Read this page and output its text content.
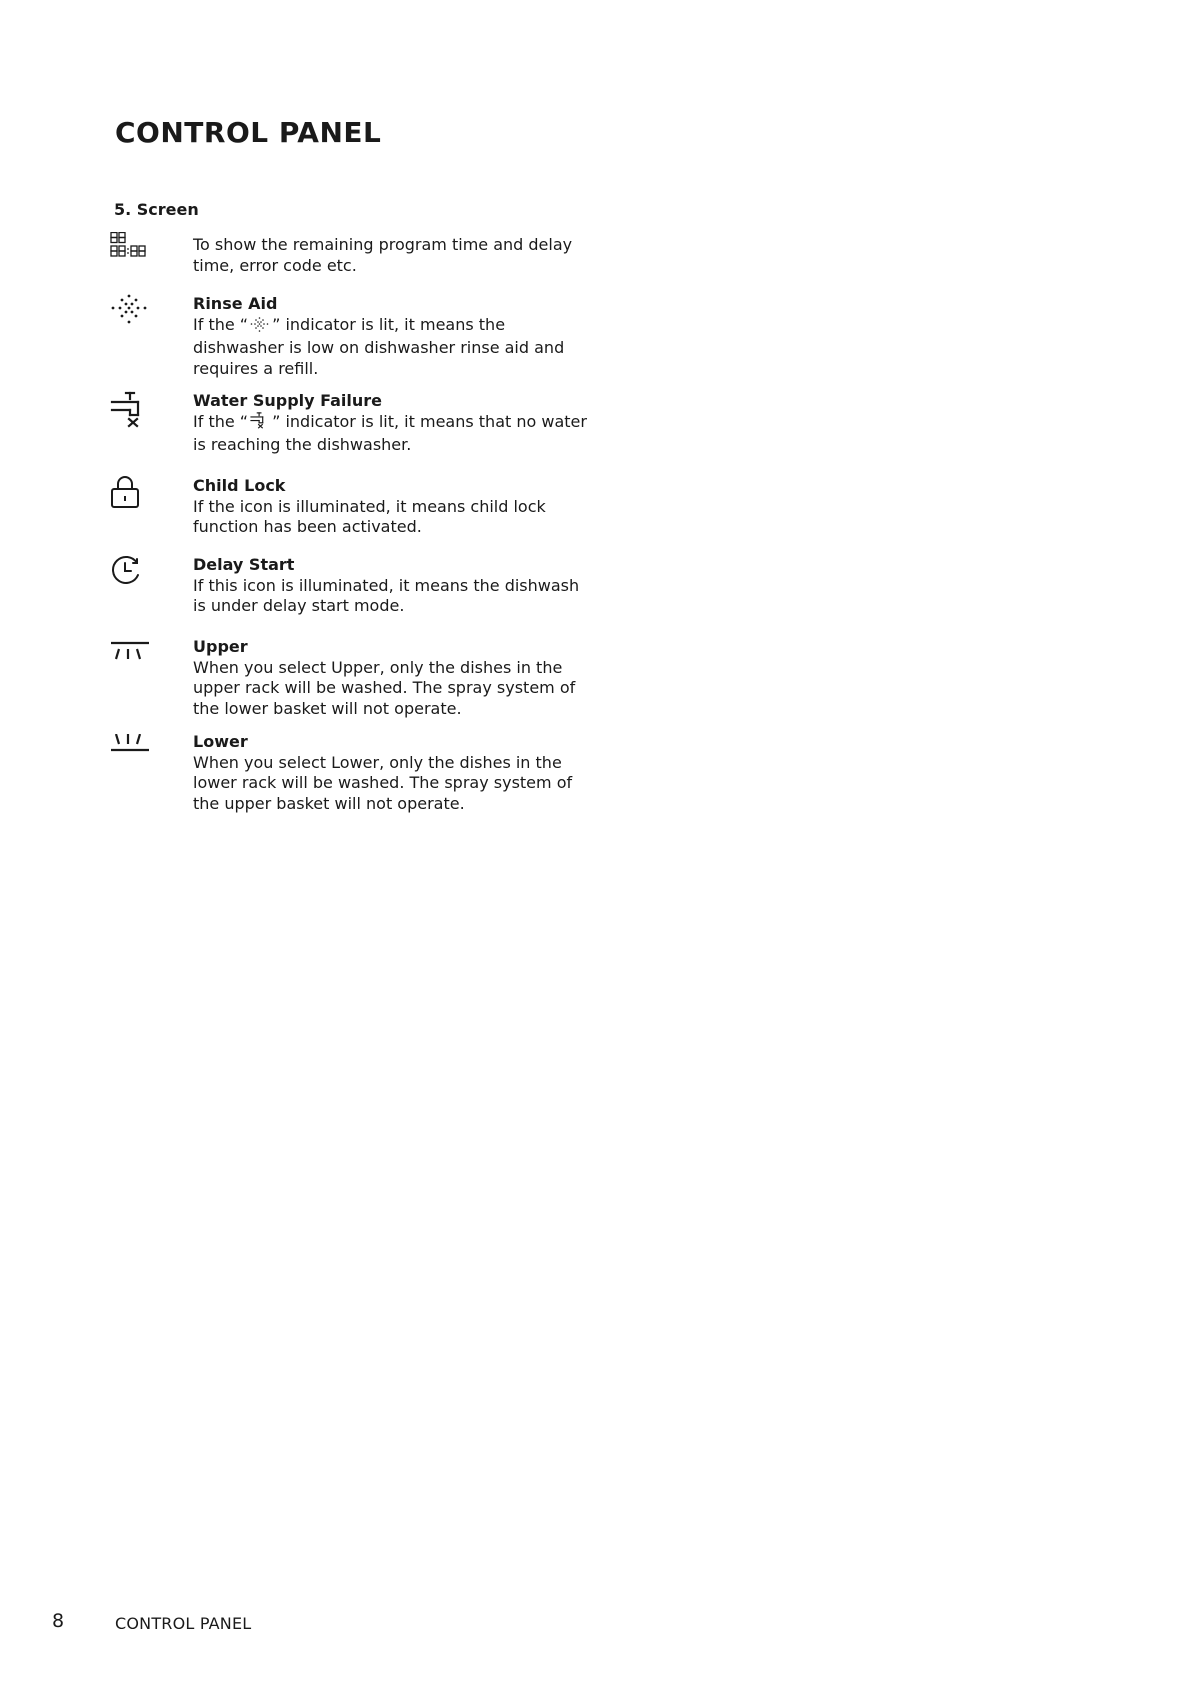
CONTROL PANEL
5. Screen
To show the remaining program time and delay time, error code etc.
Rinse Aid
If the “ ” indicator is lit, it means the dishwasher is low on dishwasher rinse aid and requires a refill.
Water Supply Failure
If the “ ” indicator is lit, it means that no water is reaching the dishwasher.
Child Lock
If the icon is illuminated, it means child lock function has been activated.
Delay Start
If this icon is illuminated, it means the dishwash is under delay start mode.
Upper
When you select Upper, only the dishes in the upper rack will be washed. The spray system of the lower basket will not operate.
Lower
When you select Lower, only the dishes in the lower rack will be washed. The spray system of the upper basket will not operate.
8	CONTROL PANEL
